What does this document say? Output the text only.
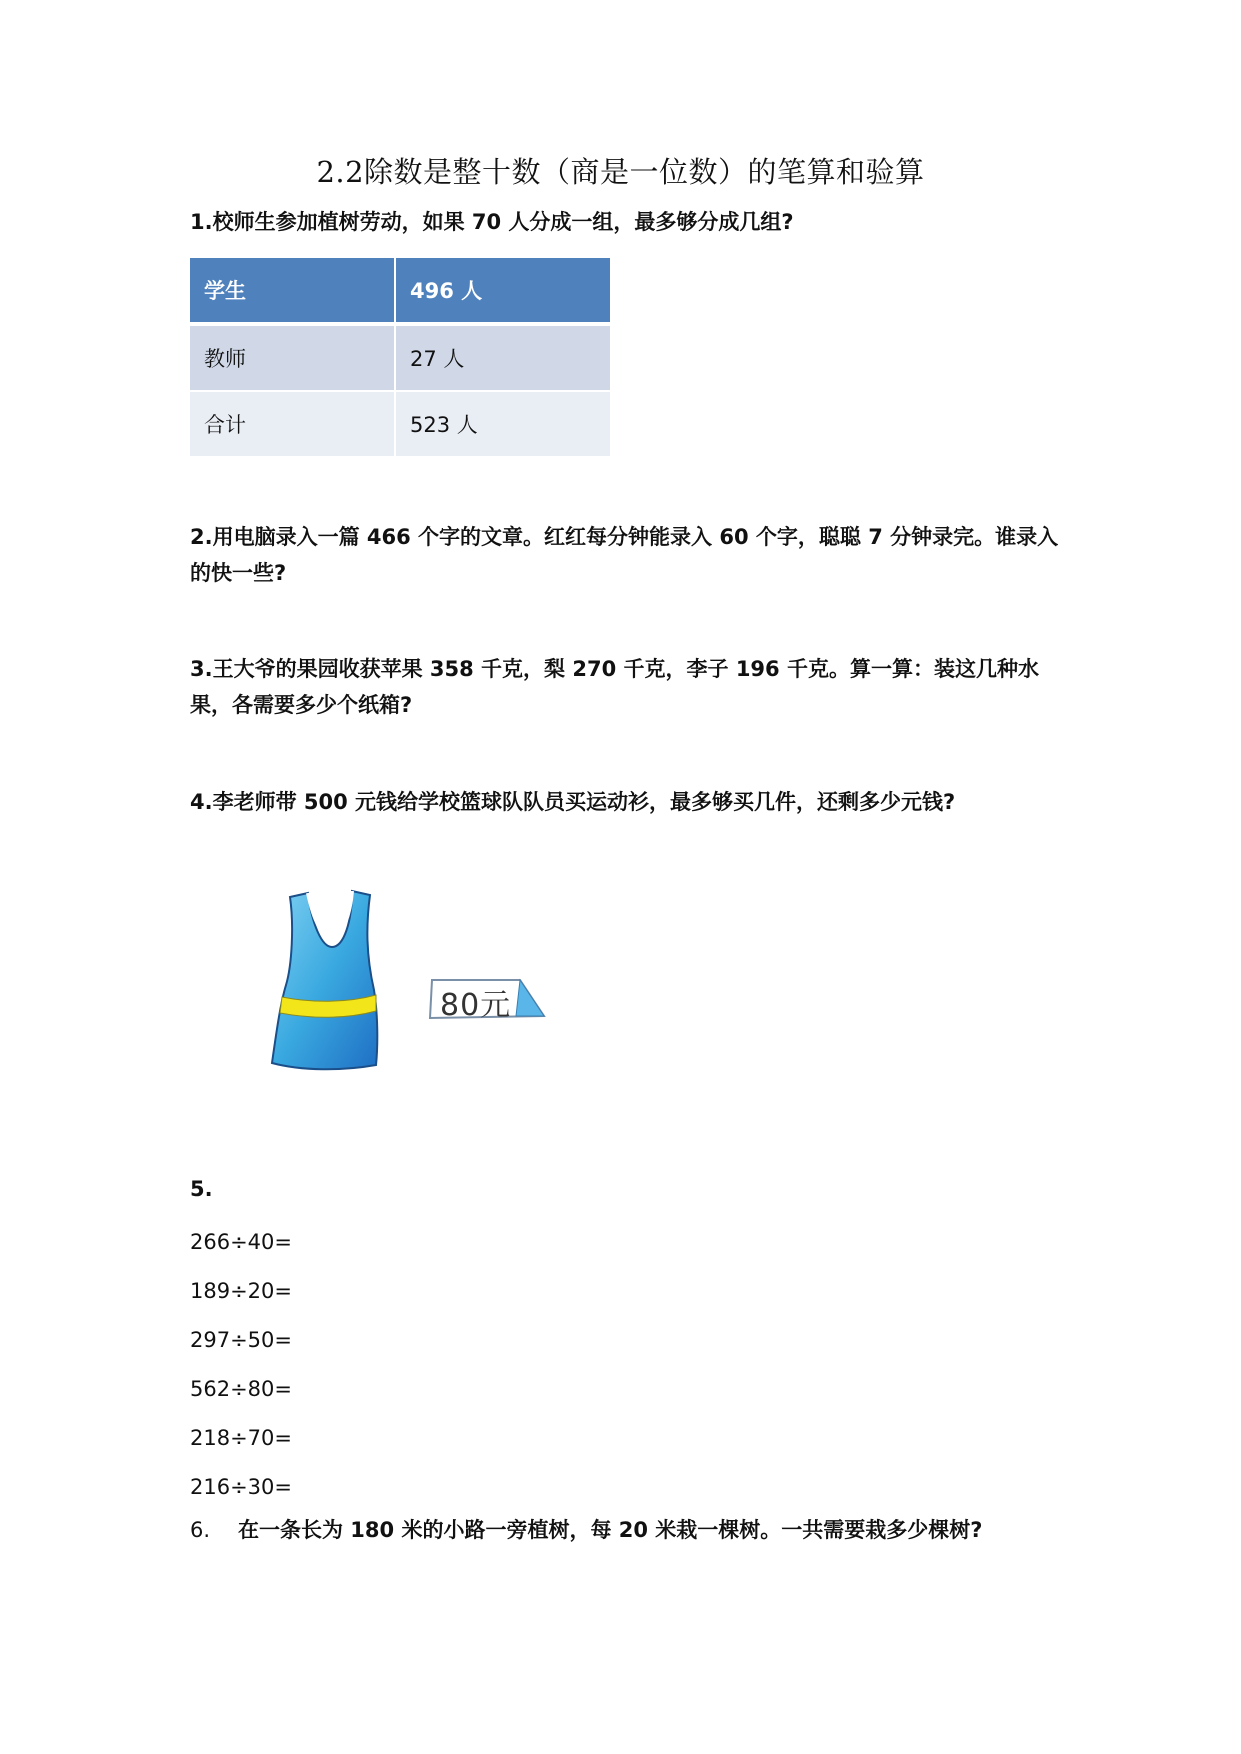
2.2除数是整十数（商是一位数）的笔算和验算
1.校师生参加植树劳动，如果 70 人分成一组，最多够分成几组?
学生	496 人
教师	27 人
合计	523 人
2.用电脑录入一篇 466 个字的文章。红红每分钟能录入 60 个字，聪聪 7 分钟录完。谁录入的快一些?
3.王大爷的果园收获苹果 358 千克，梨 270 千克，李子 196 千克。算一算：装这几种水果，各需要多少个纸箱?
4.李老师带 500 元钱给学校篮球队队员买运动衫，最多够买几件，还剩多少元钱?
80元
5.
266÷40=
189÷20=
297÷50=
562÷80=
218÷70=
216÷30=
6. 在一条长为 180 米的小路一旁植树，每 20 米栽一棵树。一共需要栽多少棵树?
